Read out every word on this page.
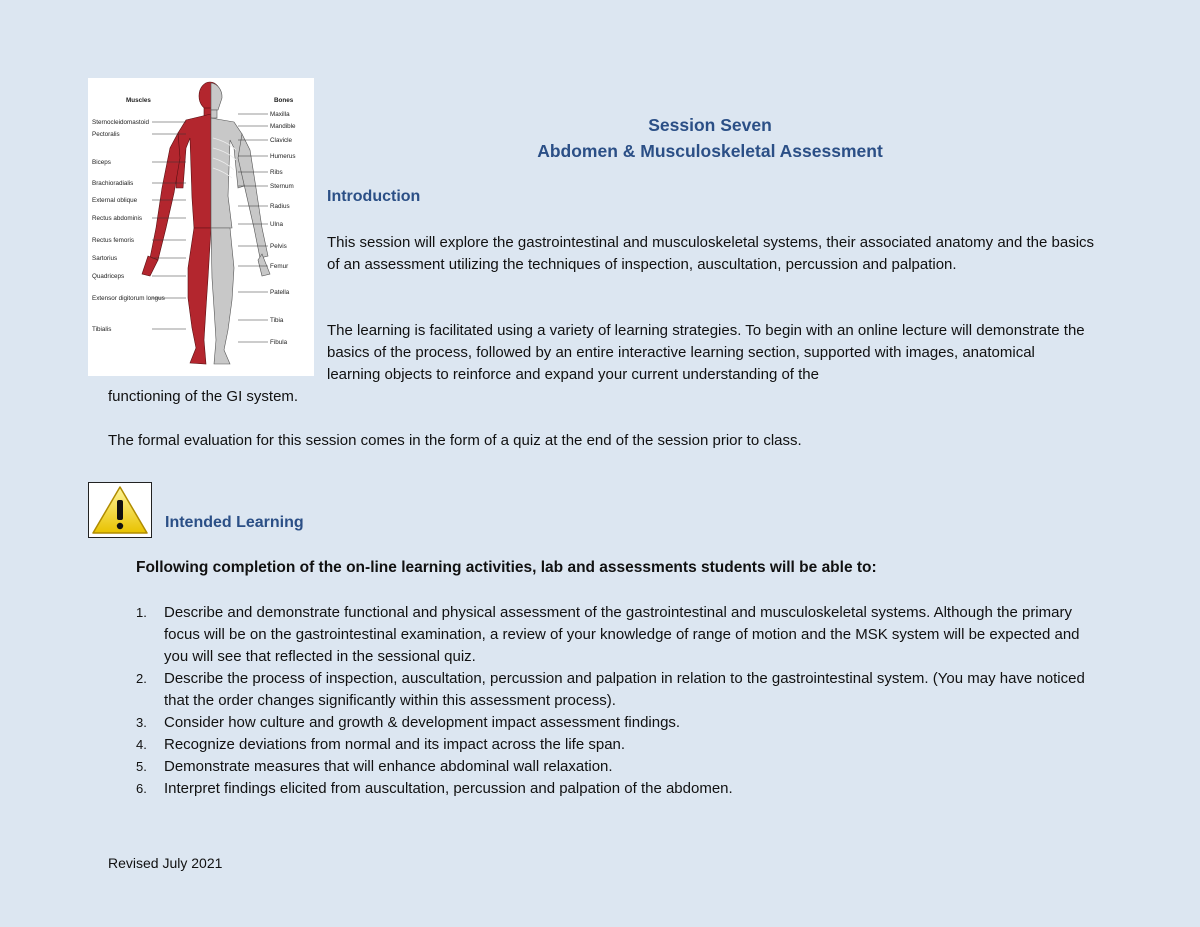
Muscles	Bones
Sternocleidomastoid
Pectoralis
Biceps
Brachioradialis
External oblique
Rectus abdominis
Rectus femoris
Sartorius
Quadriceps
Extensor digitorum longus
Tibialis
Maxilla
Mandible
Clavicle
Humerus
Ribs
Sternum
Radius
Ulna
Pelvis
Femur
Patella
Tibia
Fibula
Session Seven
Abdomen & Musculoskeletal Assessment
Introduction
This session will explore the gastrointestinal and musculoskeletal systems, their associated anatomy and the basics of an assessment utilizing the techniques of inspection, auscultation, percussion and palpation.
The learning is facilitated using a variety of learning strategies. To begin with an online lecture will demonstrate the basics of the process, followed by an entire interactive learning section, supported with images, anatomical learning objects to reinforce and expand your current understanding of the
functioning of the GI system.
The formal evaluation for this session comes in the form of a quiz at the end of the session prior to class.
Intended Learning
Following completion of the on-line learning activities, lab and assessments students will be able to:
1. Describe and demonstrate functional and physical assessment of the gastrointestinal and musculoskeletal systems. Although the primary focus will be on the gastrointestinal examination, a review of your knowledge of range of motion and the MSK system will be expected and you will see that reflected in the sessional quiz.
2. Describe the process of inspection, auscultation, percussion and palpation in relation to the gastrointestinal system. (You may have noticed that the order changes significantly within this assessment process).
3. Consider how culture and growth & development impact assessment findings.
4. Recognize deviations from normal and its impact across the life span.
5. Demonstrate measures that will enhance abdominal wall relaxation.
6. Interpret findings elicited from auscultation, percussion and palpation of the abdomen.
Revised July 2021
